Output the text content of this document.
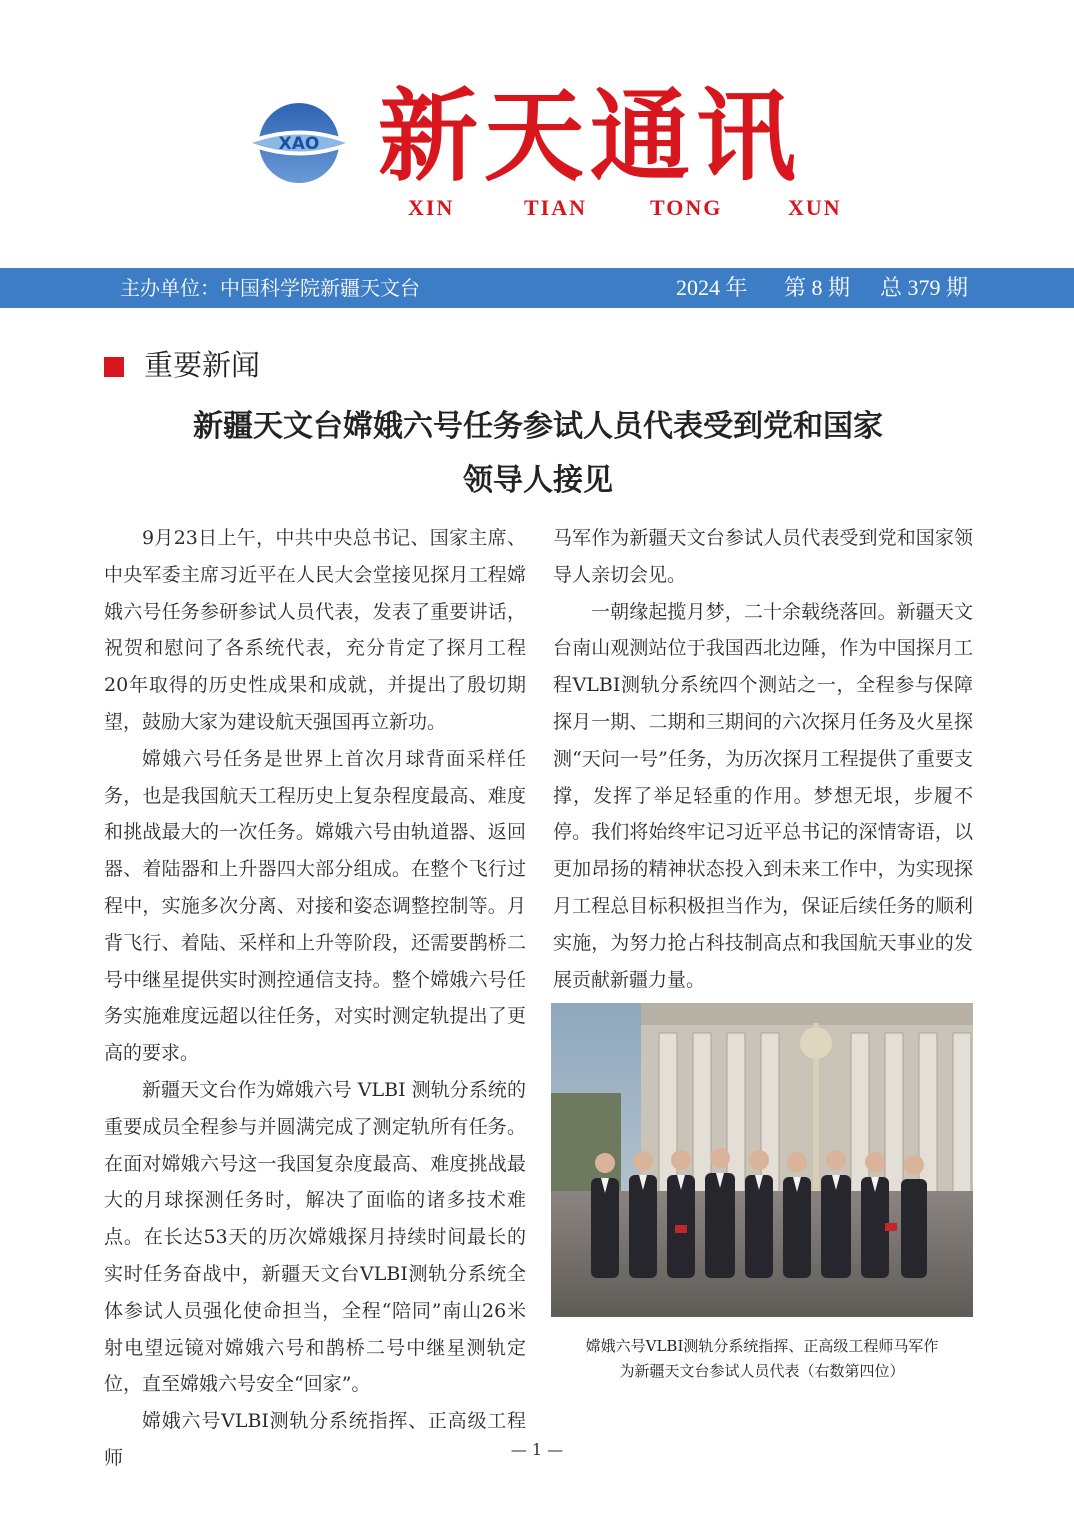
XAO 新天通讯
XIN	TIAN	TONG	XUN
主办单位：中国科学院新疆天文台	2024 年 第 8 期 总 379 期
重要新闻
新疆天文台嫦娥六号任务参试人员代表受到党和国家
领导人接见

9月23日上午，中共中央总书记、国家主席、中央军委主席习近平在人民大会堂接见探月工程嫦娥六号任务参研参试人员代表，发表了重要讲话，祝贺和慰问了各系统代表，充分肯定了探月工程20年取得的历史性成果和成就，并提出了殷切期望，鼓励大家为建设航天强国再立新功。

嫦娥六号任务是世界上首次月球背面采样任务，也是我国航天工程历史上复杂程度最高、难度和挑战最大的一次任务。嫦娥六号由轨道器、返回器、着陆器和上升器四大部分组成。在整个飞行过程中，实施多次分离、对接和姿态调整控制等。月背飞行、着陆、采样和上升等阶段，还需要鹊桥二号中继星提供实时测控通信支持。整个嫦娥六号任务实施难度远超以往任务，对实时测定轨提出了更高的要求。

新疆天文台作为嫦娥六号 VLBI 测轨分系统的重要成员全程参与并圆满完成了测定轨所有任务。在面对嫦娥六号这一我国复杂度最高、难度挑战最大的月球探测任务时，解决了面临的诸多技术难点。在长达53天的历次嫦娥探月持续时间最长的实时任务奋战中，新疆天文台VLBI测轨分系统全体参试人员强化使命担当，全程“陪同”南山26米射电望远镜对嫦娥六号和鹊桥二号中继星测轨定位，直至嫦娥六号安全“回家”。

嫦娥六号VLBI测轨分系统指挥、正高级工程师

马军作为新疆天文台参试人员代表受到党和国家领导人亲切会见。

一朝缘起揽月梦，二十余载绕落回。新疆天文台南山观测站位于我国西北边陲，作为中国探月工程VLBI测轨分系统四个测站之一，全程参与保障探月一期、二期和三期间的六次探月任务及火星探测“天问一号”任务，为历次探月工程提供了重要支撑，发挥了举足轻重的作用。梦想无垠，步履不停。我们将始终牢记习近平总书记的深情寄语，以更加昂扬的精神状态投入到未来工作中，为实现探月工程总目标积极担当作为，保证后续任务的顺利实施，为努力抢占科技制高点和我国航天事业的发展贡献新疆力量。

嫦娥六号VLBI测轨分系统指挥、正高级工程师马军作
为新疆天文台参试人员代表（右数第四位）
— 1 —
